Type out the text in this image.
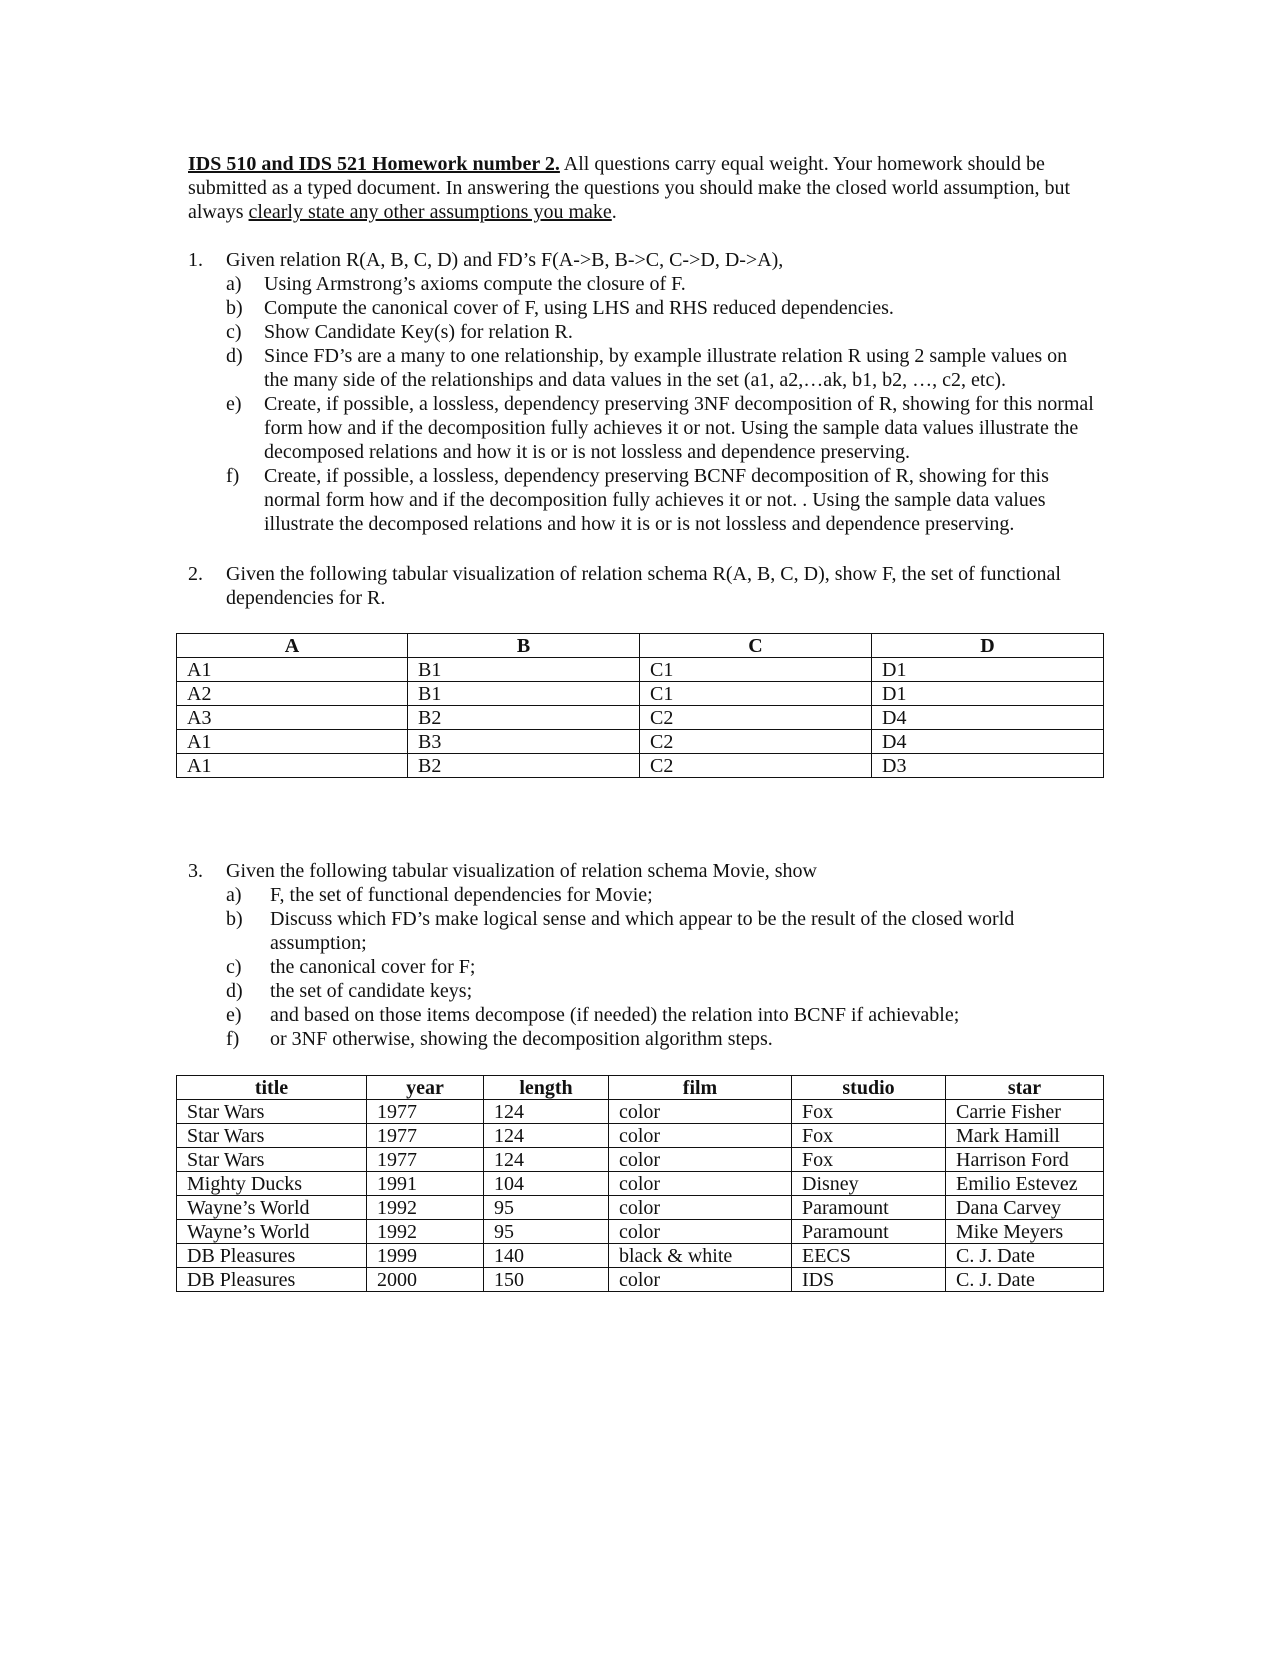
IDS 510 and IDS 521 Homework number 2. All questions carry equal weight. Your homework should be submitted as a typed document. In answering the questions you should make the closed world assumption, but always clearly state any other assumptions you make.

1.	Given relation R(A, B, C, D) and FD’s F(A->B, B->C, C->D, D->A),
a)	Using Armstrong’s axioms compute the closure of F.
b)	Compute the canonical cover of F, using LHS and RHS reduced dependencies.
c)	Show Candidate Key(s) for relation R.
d)	Since FD’s are a many to one relationship, by example illustrate relation R using 2 sample values on the many side of the relationships and data values in the set (a1, a2,…ak, b1, b2, …, c2, etc).
e)	Create, if possible, a lossless, dependency preserving 3NF decomposition of R, showing for this normal form how and if the decomposition fully achieves it or not. Using the sample data values illustrate the decomposed relations and how it is or is not lossless and dependence preserving.
f)	Create, if possible, a lossless, dependency preserving BCNF decomposition of R, showing for this normal form how and if the decomposition fully achieves it or not. . Using the sample data values illustrate the decomposed relations and how it is or is not lossless and dependence preserving.
2.	Given the following tabular visualization of relation schema R(A, B, C, D), show F, the set of functional dependencies for R.
A	B	C	D
A1	B1	C1	D1
A2	B1	C1	D1
A3	B2	C2	D4
A1	B3	C2	D4
A1	B2	C2	D3
3.	Given the following tabular visualization of relation schema Movie, show
a)	F, the set of functional dependencies for Movie;
b)	Discuss which FD’s make logical sense and which appear to be the result of the closed world assumption;
c)	the canonical cover for F;
d)	the set of candidate keys;
e)	and based on those items decompose (if needed) the relation into BCNF if achievable;
f)	or 3NF otherwise, showing the decomposition algorithm steps.
title	year	length	film	studio	star
Star Wars	1977	124	color	Fox	Carrie Fisher
Star Wars	1977	124	color	Fox	Mark Hamill
Star Wars	1977	124	color	Fox	Harrison Ford
Mighty Ducks	1991	104	color	Disney	Emilio Estevez
Wayne’s World	1992	95	color	Paramount	Dana Carvey
Wayne’s World	1992	95	color	Paramount	Mike Meyers
DB Pleasures	1999	140	black & white	EECS	C. J. Date
DB Pleasures	2000	150	color	IDS	C. J. Date
